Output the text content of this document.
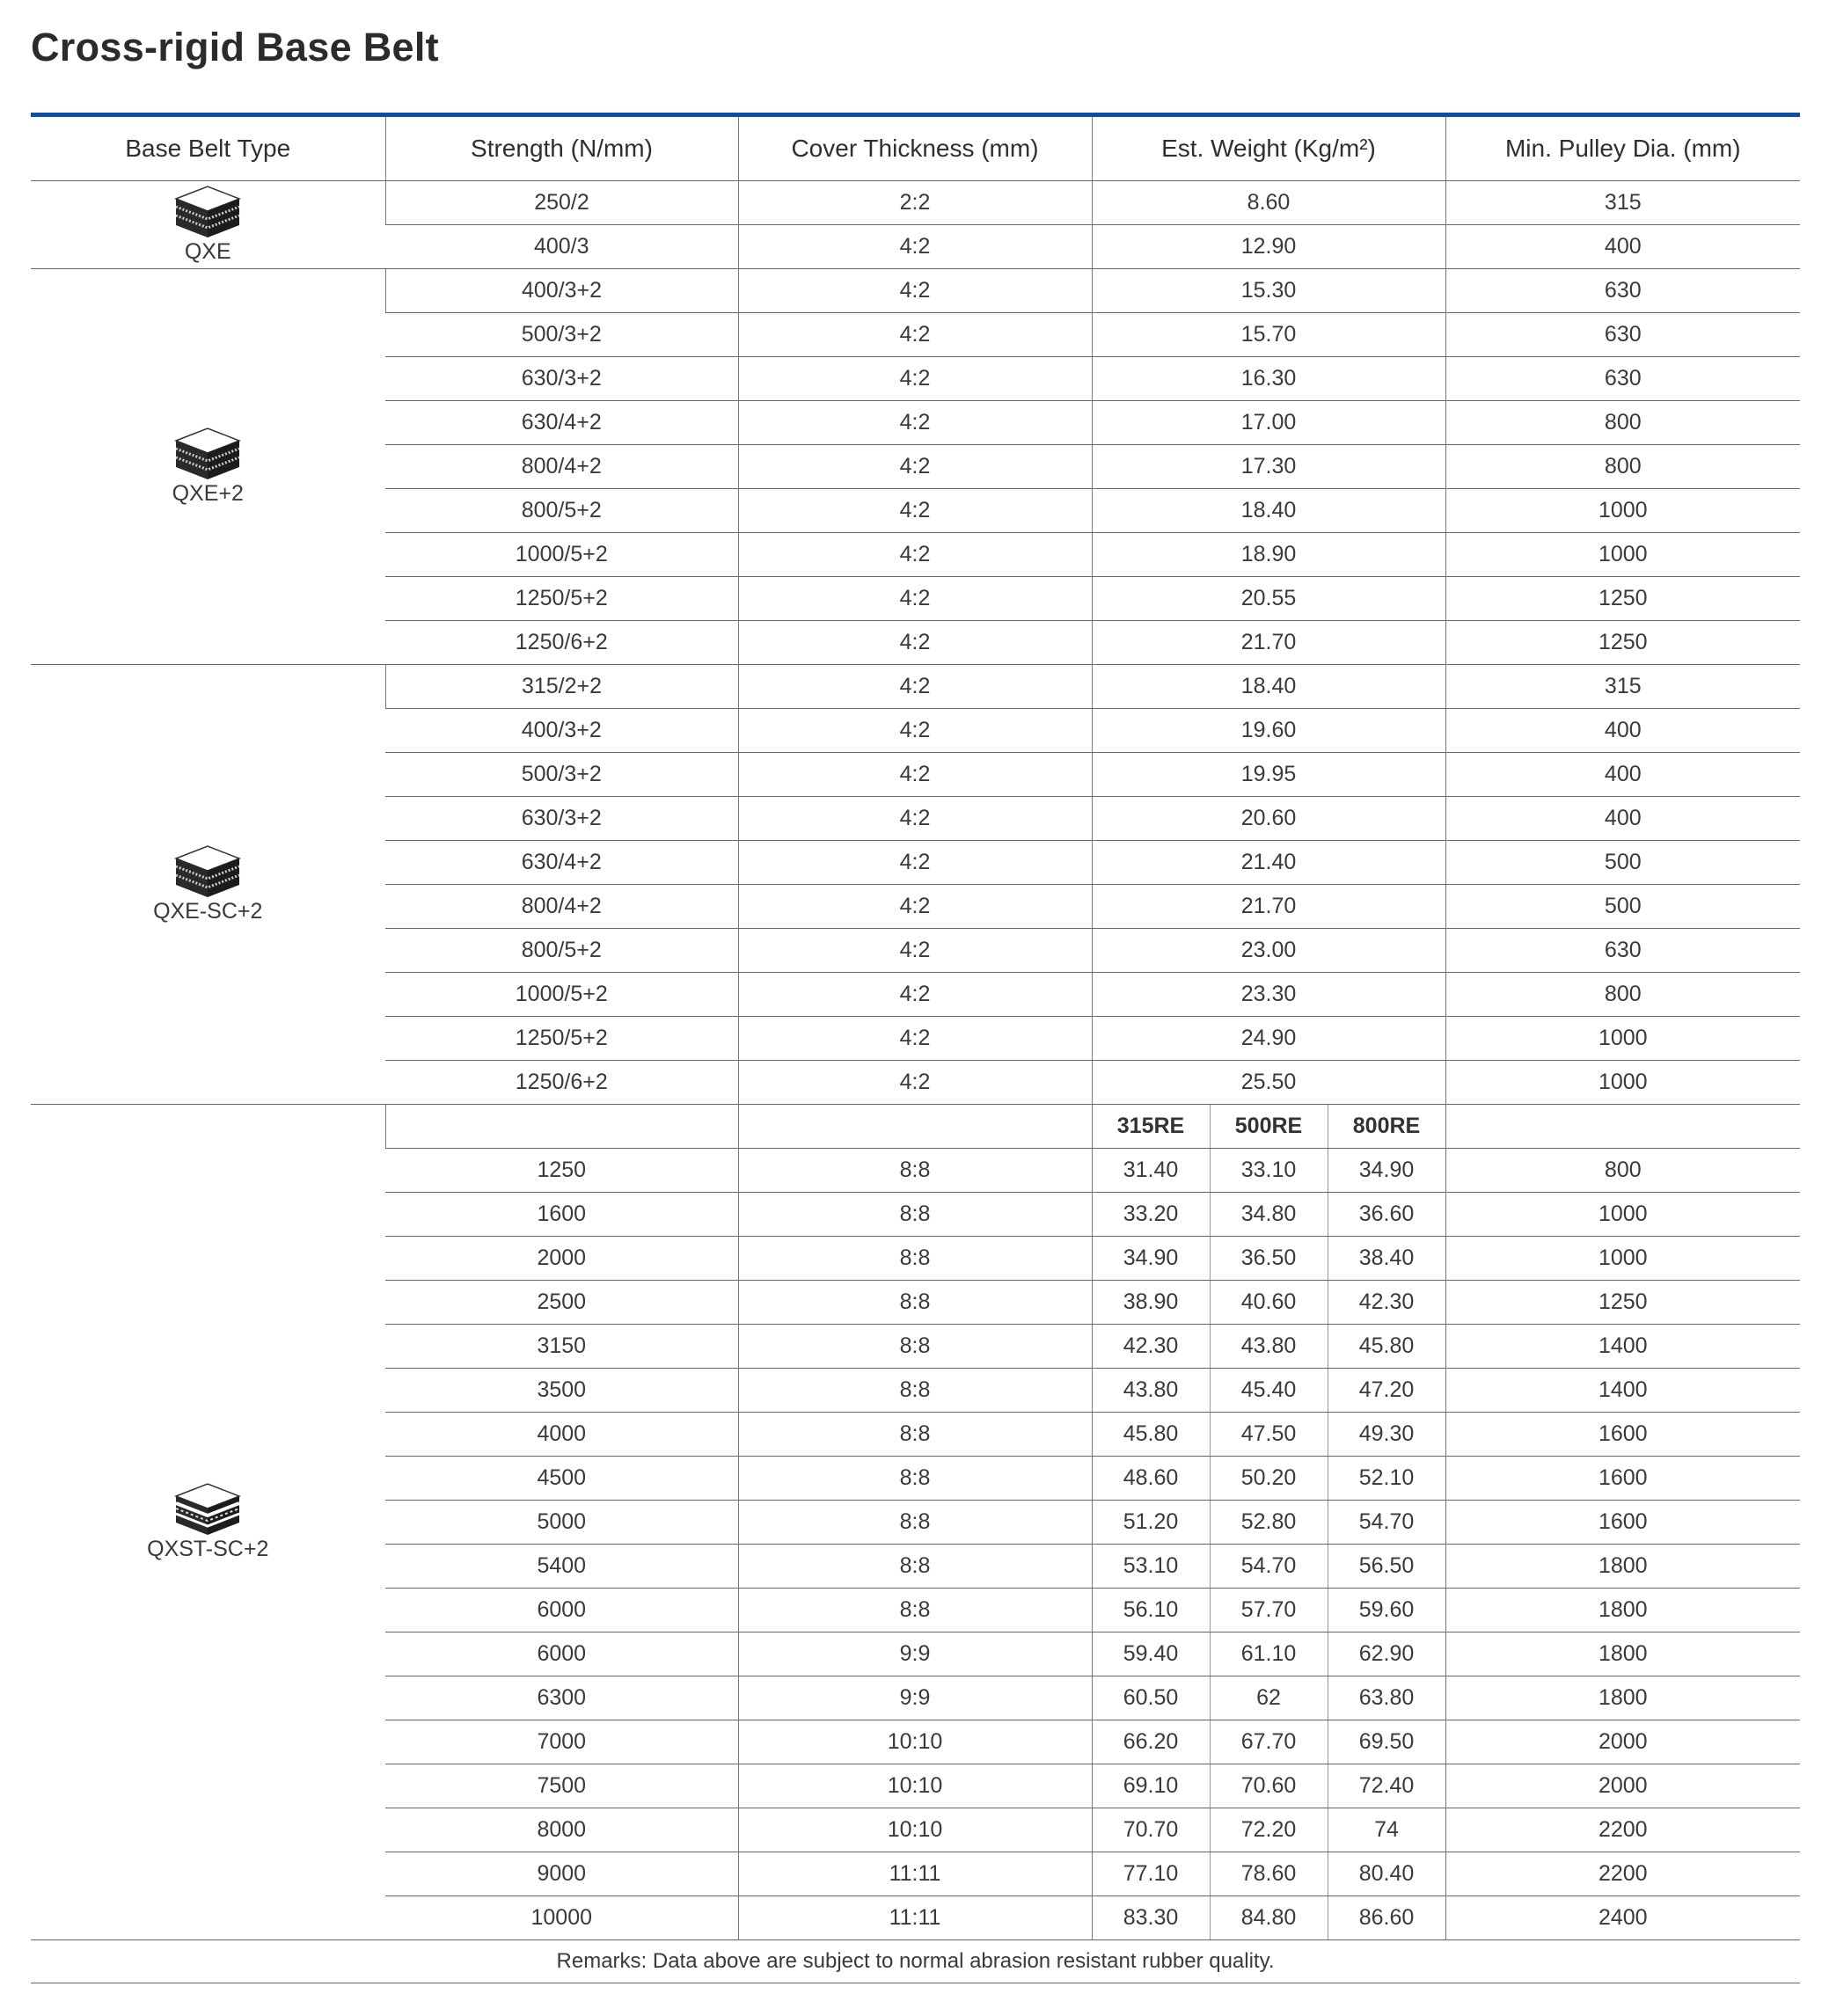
Cross-rigid Base Belt
Base Belt Type	Strength (N/mm)	Cover Thickness (mm)	Est. Weight (Kg/m²)			Min. Pulley Dia. (mm)

QXE	250/2	2:2	8.60			315
	400/3	4:2	12.90			400

QXE+2	400/3+2	4:2	15.30			630
	500/3+2	4:2	15.70			630
	630/3+2	4:2	16.30			630
	630/4+2	4:2	17.00			800
	800/4+2	4:2	17.30			800
	800/5+2	4:2	18.40			1000
	1000/5+2	4:2	18.90			1000
	1250/5+2	4:2	20.55			1250
	1250/6+2	4:2	21.70			1250

QXE-SC+2	315/2+2	4:2	18.40			315
	400/3+2	4:2	19.60			400
	500/3+2	4:2	19.95			400
	630/3+2	4:2	20.60			400
	630/4+2	4:2	21.40			500
	800/4+2	4:2	21.70			500
	800/5+2	4:2	23.00			630
	1000/5+2	4:2	23.30			800
	1250/5+2	4:2	24.90			1000
	1250/6+2	4:2	25.50			1000

QXST-SC+2			315RE	500RE	800RE	
	1250	8:8	31.40	33.10	34.90	800
	1600	8:8	33.20	34.80	36.60	1000
	2000	8:8	34.90	36.50	38.40	1000
	2500	8:8	38.90	40.60	42.30	1250
	3150	8:8	42.30	43.80	45.80	1400
	3500	8:8	43.80	45.40	47.20	1400
	4000	8:8	45.80	47.50	49.30	1600
	4500	8:8	48.60	50.20	52.10	1600
	5000	8:8	51.20	52.80	54.70	1600
	5400	8:8	53.10	54.70	56.50	1800
	6000	8:8	56.10	57.70	59.60	1800
	6000	9:9	59.40	61.10	62.90	1800
	6300	9:9	60.50	62	63.80	1800
	7000	10:10	66.20	67.70	69.50	2000
	7500	10:10	69.10	70.60	72.40	2000
	8000	10:10	70.70	72.20	74	2200
	9000	11:11	77.10	78.60	80.40	2200
	10000	11:11	83.30	84.80	86.60	2400
Remarks: Data above are subject to normal abrasion resistant rubber quality.						
